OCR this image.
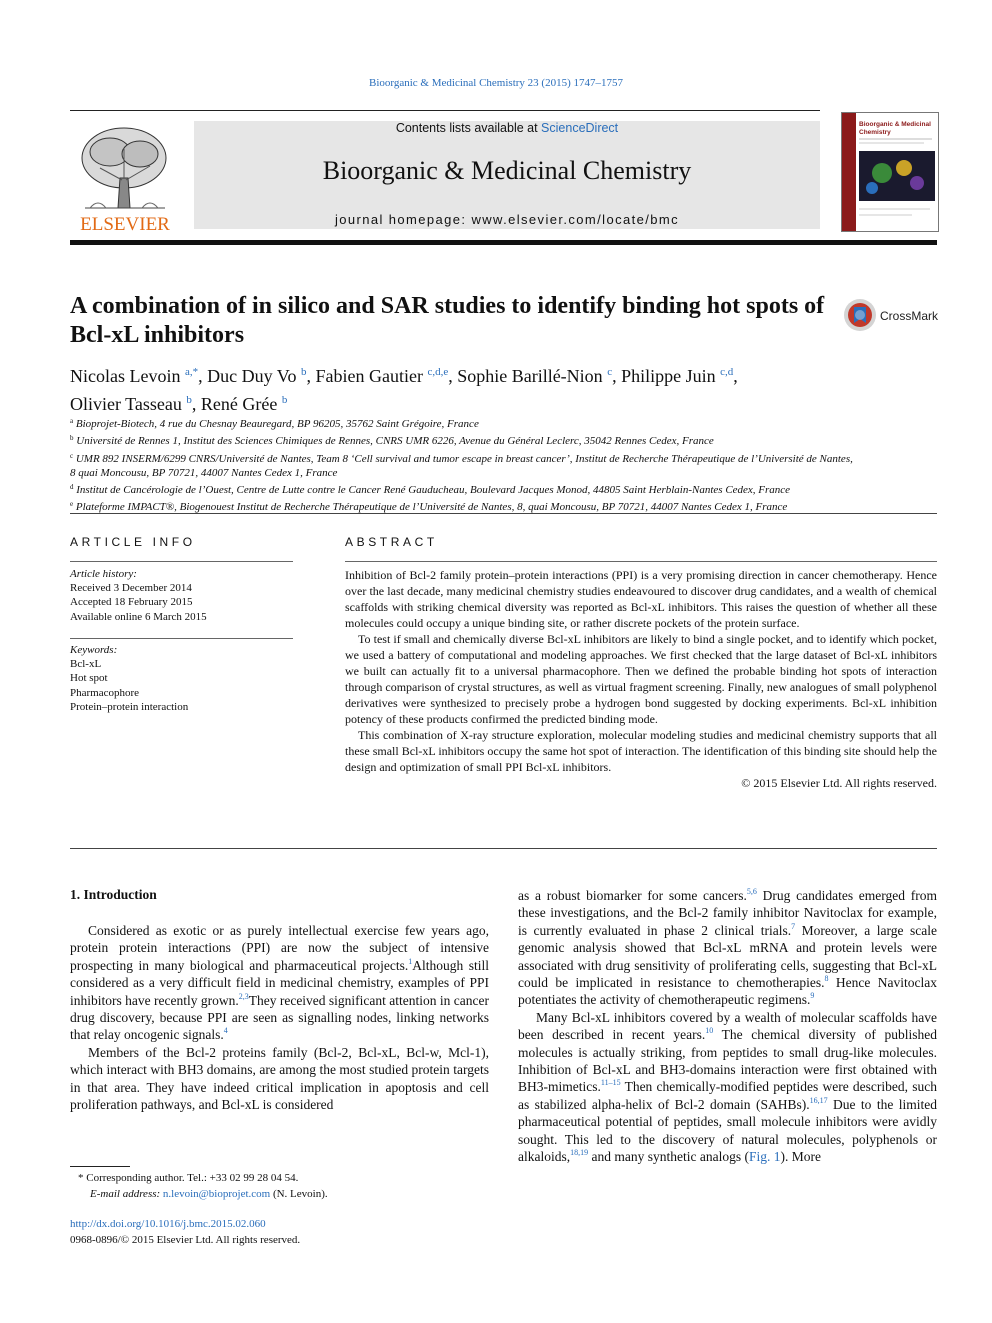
Bioorganic & Medicinal Chemistry 23 (2015) 1747–1757
ELSEVIER
Contents lists available at ScienceDirect
Bioorganic & Medicinal Chemistry
journal homepage: www.elsevier.com/locate/bmc
Bioorganic & Medicinal
Chemistry
A combination of in silico and SAR studies to identify binding hot spots of Bcl-xL inhibitors
CrossMark
Nicolas Levoin $^{a,*}$, Duc Duy Vo $^b$, Fabien Gautier $^{c,d,e}$, Sophie Barillé-Nion $^c$, Philippe Juin $^{c,d}$,
Olivier Tasseau $^b$, René Grée $^b$
$^a$ Bioprojet-Biotech, 4 rue du Chesnay Beauregard, BP 96205, 35762 Saint Grégoire, France
$^b$ Université de Rennes 1, Institut des Sciences Chimiques de Rennes, CNRS UMR 6226, Avenue du Général Leclerc, 35042 Rennes Cedex, France
$^c$ UMR 892 INSERM/6299 CNRS/Université de Nantes, Team 8 ‘Cell survival and tumor escape in breast cancer’, Institut de Recherche Thérapeutique de l’Université de Nantes,
8 quai Moncousu, BP 70721, 44007 Nantes Cedex 1, France
$^d$ Institut de Cancérologie de l’Ouest, Centre de Lutte contre le Cancer René Gauducheau, Boulevard Jacques Monod, 44805 Saint Herblain-Nantes Cedex, France
$^e$ Plateforme IMPACT®, Biogenouest Institut de Recherche Thérapeutique de l’Université de Nantes, 8, quai Moncousu, BP 70721, 44007 Nantes Cedex 1, France
ARTICLE INFO
Article history:
Received 3 December 2014
Accepted 18 February 2015
Available online 6 March 2015
Keywords:
Bcl-xL
Hot spot
Pharmacophore
Protein–protein interaction
ABSTRACT

Inhibition of Bcl-2 family protein–protein interactions (PPI) is a very promising direction in cancer chemotherapy. Hence over the last decade, many medicinal chemistry studies endeavoured to discover drug candidates, and a wealth of chemical scaffolds with striking chemical diversity was reported as Bcl-xL inhibitors. This raises the question of whether all these molecules could occupy a unique binding site, or rather discrete pockets of the protein surface.

To test if small and chemically diverse Bcl-xL inhibitors are likely to bind a single pocket, and to identify which pocket, we used a battery of computational and modeling approaches. We first checked that the large dataset of Bcl-xL inhibitors we built can actually fit to a universal pharmacophore. Then we defined the probable binding hot spots of interaction through comparison of crystal structures, as well as virtual fragment screening. Finally, new analogues of small polyphenol derivatives were synthesized to precisely probe a hydrogen bond suggested by docking experiments. Bcl-xL inhibition potency of these products confirmed the predicted binding mode.

This combination of X-ray structure exploration, molecular modeling studies and medicinal chemistry supports that all these small Bcl-xL inhibitors occupy the same hot spot of interaction. The identification of this binding site should help the design and optimization of small PPI Bcl-xL inhibitors.

© 2015 Elsevier Ltd. All rights reserved.
1. Introduction

Considered as exotic or as purely intellectual exercise few years ago, protein protein interactions (PPI) are now the subject of intensive prospecting in many biological and pharmaceutical projects.$^1$Although still considered as a very difficult field in medicinal chemistry, examples of PPI inhibitors have recently grown.$^{2,3}$They received significant attention in cancer drug discovery, because PPI are seen as signalling nodes, linking networks that relay oncogenic signals.$^4$

Members of the Bcl-2 proteins family (Bcl-2, Bcl-xL, Bcl-w, Mcl-1), which interact with BH3 domains, are among the most studied protein targets in that area. They have indeed critical implication in apoptosis and cell proliferation pathways, and Bcl-xL is considered

as a robust biomarker for some cancers.$^{5,6}$ Drug candidates emerged from these investigations, and the Bcl-2 family inhibitor Navitoclax for example, is currently evaluated in phase 2 clinical trials.$^7$ Moreover, a large scale genomic analysis showed that Bcl-xL mRNA and protein levels were associated with drug sensitivity of proliferating cells, suggesting that Bcl-xL could be implicated in resistance to chemotherapies.$^8$ Hence Navitoclax potentiates the activity of chemotherapeutic regimens.$^9$

Many Bcl-xL inhibitors covered by a wealth of molecular scaffolds have been described in recent years.$^{10}$ The chemical diversity of published molecules is actually striking, from peptides to small drug-like molecules. Inhibition of Bcl-xL and BH3-domains interaction were first obtained with BH3-mimetics.$^{11-15}$ Then chemically-modified peptides were described, such as stabilized alpha-helix of Bcl-2 domain (SAHBs).$^{16,17}$ Due to the limited pharmaceutical potential of peptides, small molecule inhibitors were avidly sought. This led to the discovery of natural molecules, polyphenols or alkaloids,$^{18,19}$ and many synthetic analogs (Fig. 1). More

* Corresponding author. Tel.: +33 02 99 28 04 54.
E-mail address: n.levoin@bioprojet.com (N. Levoin).
http://dx.doi.org/10.1016/j.bmc.2015.02.060
0968-0896/© 2015 Elsevier Ltd. All rights reserved.
